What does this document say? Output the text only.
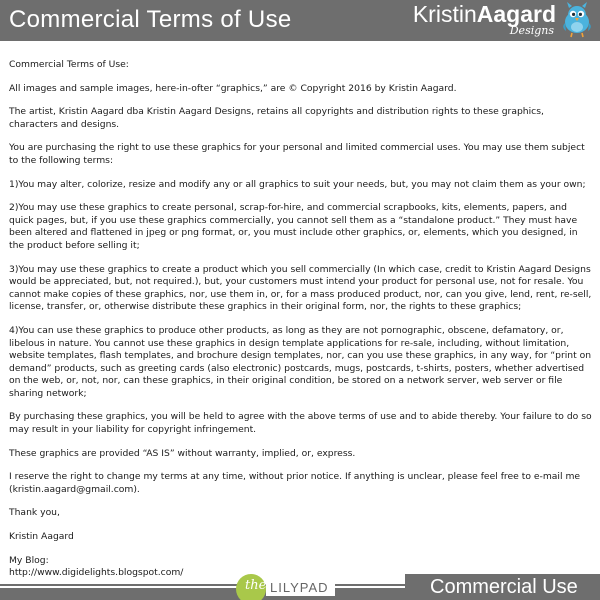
Commercial Terms of Use	KristinAagard
Designs

Commercial Terms of Use:

All images and sample images, here-in-ofter “graphics,” are © Copyright 2016 by Kristin Aagard.

The artist, Kristin Aagard dba Kristin Aagard Designs, retains all copyrights and distribution rights to these graphics, characters and designs.

You are purchasing the right to use these graphics for your personal and limited commercial uses. You may use them subject to the following terms:

1)You may alter, colorize, resize and modify any or all graphics to suit your needs, but, you may not claim them as your own;

2)You may use these graphics to create personal, scrap-for-hire, and commercial scrapbooks, kits, elements, papers, and quick pages, but, if you use these graphics commercially, you cannot sell them as a “standalone product.” They must have been altered and flattened in jpeg or png format, or, you must include other graphics, or, elements, which you designed, in the product before selling it;

3)You may use these graphics to create a product which you sell commercially (In which case, credit to Kristin Aagard Designs would be appreciated, but, not required.), but, your customers must intend your product for personal use, not for resale. You cannot make copies of these graphics, nor, use them in, or, for a mass produced product, nor, can you give, lend, rent, re-sell, license, transfer, or, otherwise distribute these graphics in their original form, nor, the rights to these graphics;

4)You can use these graphics to produce other products, as long as they are not pornographic, obscene, defamatory, or, libelous in nature. You cannot use these graphics in design template applications for re-sale, including, without limitation, website templates, flash templates, and brochure design templates, nor, can you use these graphics, in any way, for “print on demand” products, such as greeting cards (also electronic) postcards, mugs, postcards, t-shirts, posters, whether advertised on the web, or, not, nor, can these graphics, in their original condition, be stored on a network server, web server or file sharing network;

By purchasing these graphics, you will be held to agree with the above terms of use and to abide thereby. Your failure to do so may result in your liability for copyright infringement.

These graphics are provided “AS IS” without warranty, implied, or, express.

I reserve the right to change my terms at any time, without prior notice. If anything is unclear, please feel free to e-mail me (kristin.aagard@gmail.com).

Thank you,

Kristin Aagard

My Blog:
http://www.digidelights.blogspot.com/

the LILYPAD	Commercial Use
